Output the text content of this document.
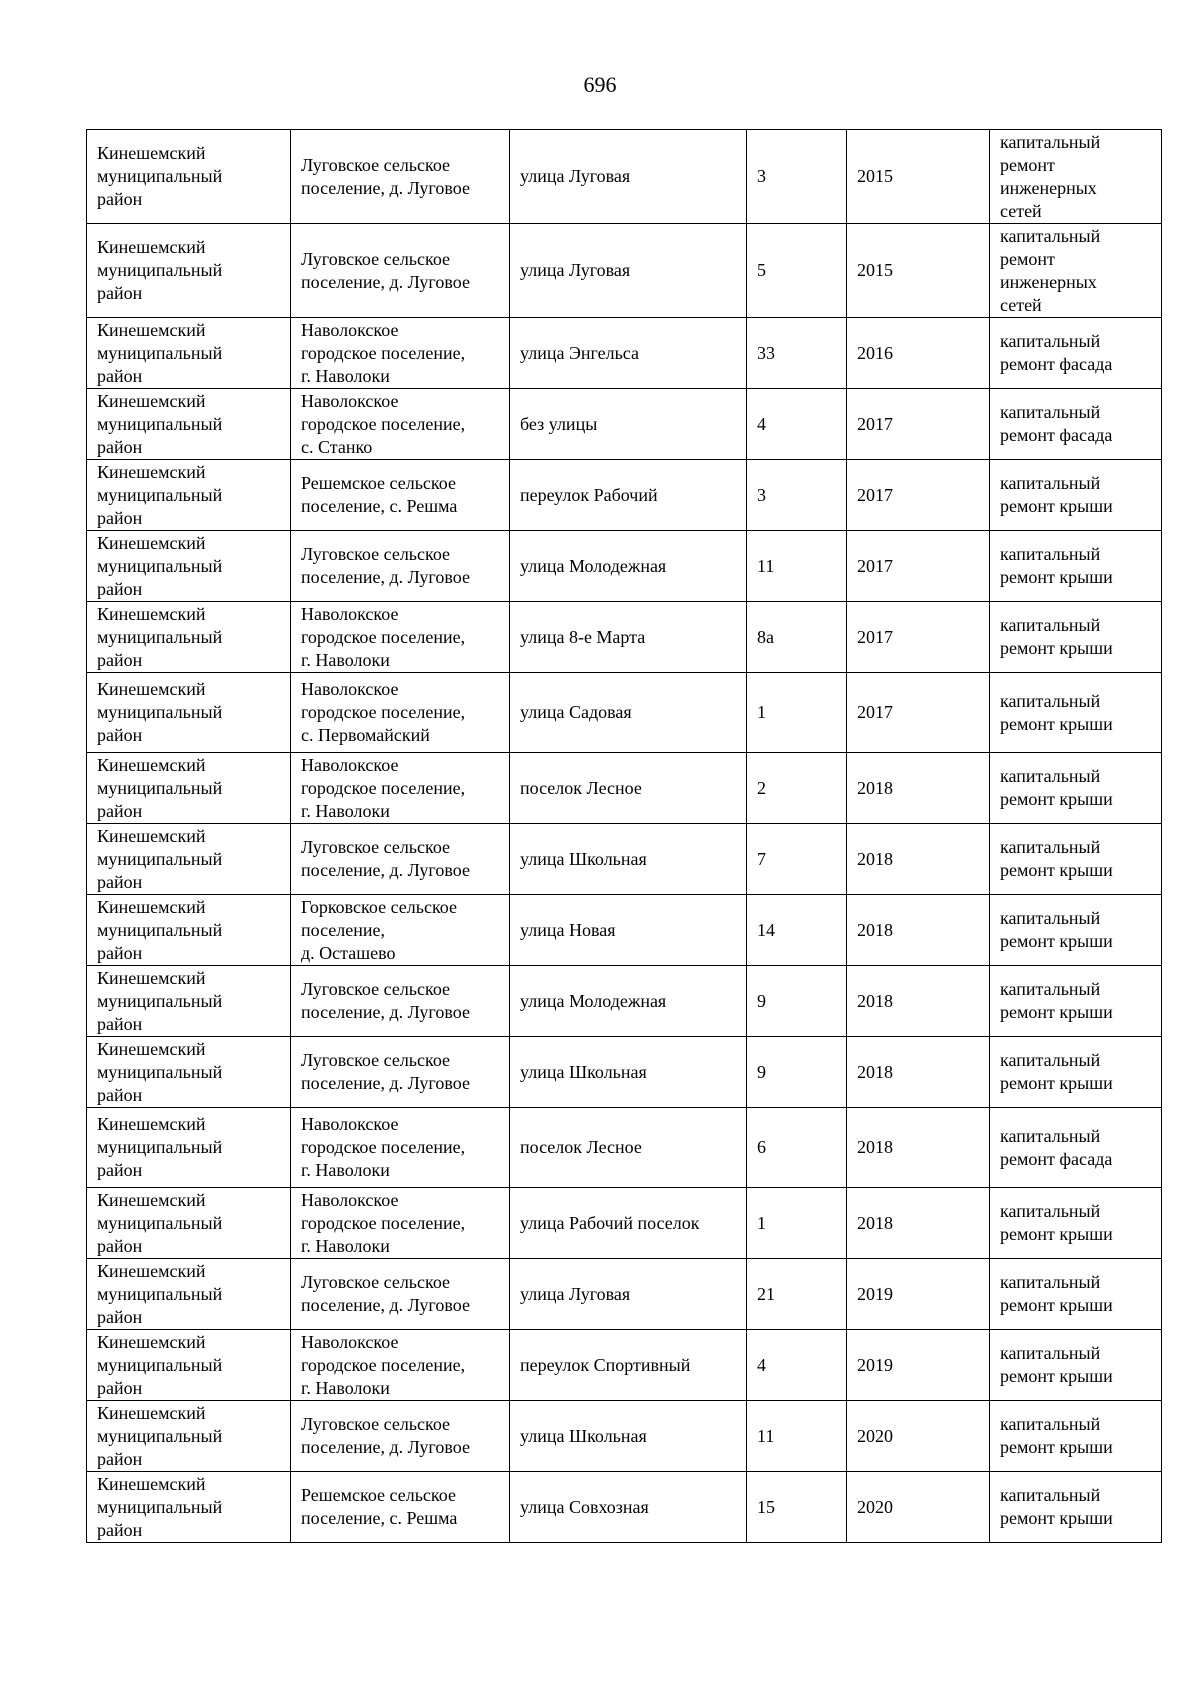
696
Кинешемский
муниципальный
район	Луговское сельское
поселение, д. Луговое	улица Луговая	3	2015	капитальный
ремонт
инженерных
сетей

Кинешемский
муниципальный
район	Луговское сельское
поселение, д. Луговое	улица Луговая	5	2015	капитальный
ремонт
инженерных
сетей

Кинешемский
муниципальный
район	Наволокское
городское поселение,
г. Наволоки	улица Энгельса	33	2016	капитальный
ремонт фасада

Кинешемский
муниципальный
район	Наволокское
городское поселение,
с. Станко	без улицы	4	2017	капитальный
ремонт фасада

Кинешемский
муниципальный
район	Решемское сельское
поселение, с. Решма	переулок Рабочий	3	2017	капитальный
ремонт крыши

Кинешемский
муниципальный
район	Луговское сельское
поселение, д. Луговое	улица Молодежная	11	2017	капитальный
ремонт крыши

Кинешемский
муниципальный
район	Наволокское
городское поселение,
г. Наволоки	улица 8-е Марта	8а	2017	капитальный
ремонт крыши

Кинешемский
муниципальный
район	Наволокское
городское поселение,
с. Первомайский	улица Садовая	1	2017	капитальный
ремонт крыши

Кинешемский
муниципальный
район	Наволокское
городское поселение,
г. Наволоки	поселок Лесное	2	2018	капитальный
ремонт крыши

Кинешемский
муниципальный
район	Луговское сельское
поселение, д. Луговое	улица Школьная	7	2018	капитальный
ремонт крыши

Кинешемский
муниципальный
район	Горковское сельское
поселение,
д. Осташево	улица Новая	14	2018	капитальный
ремонт крыши

Кинешемский
муниципальный
район	Луговское сельское
поселение, д. Луговое	улица Молодежная	9	2018	капитальный
ремонт крыши

Кинешемский
муниципальный
район	Луговское сельское
поселение, д. Луговое	улица Школьная	9	2018	капитальный
ремонт крыши

Кинешемский
муниципальный
район	Наволокское
городское поселение,
г. Наволоки	поселок Лесное	6	2018	капитальный
ремонт фасада

Кинешемский
муниципальный
район	Наволокское
городское поселение,
г. Наволоки	улица Рабочий поселок	1	2018	капитальный
ремонт крыши

Кинешемский
муниципальный
район	Луговское сельское
поселение, д. Луговое	улица Луговая	21	2019	капитальный
ремонт крыши

Кинешемский
муниципальный
район	Наволокское
городское поселение,
г. Наволоки	переулок Спортивный	4	2019	капитальный
ремонт крыши

Кинешемский
муниципальный
район	Луговское сельское
поселение, д. Луговое	улица Школьная	11	2020	капитальный
ремонт крыши

Кинешемский
муниципальный
район	Решемское сельское
поселение, с. Решма	улица Совхозная	15	2020	капитальный
ремонт крыши
